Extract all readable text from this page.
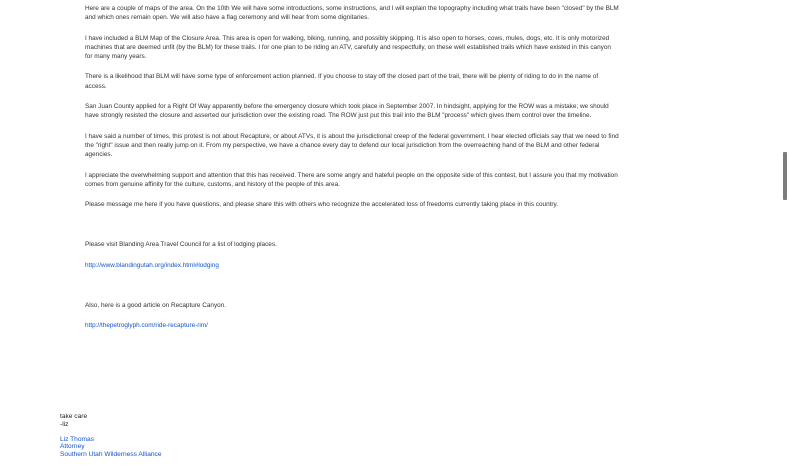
Here are a couple of maps of the area. On the 10th We will have some introductions, some instructions, and I will explain the topography including what trails have been "closed" by the BLM and which ones remain open. We will also have a flag ceremony and will hear from some dignitaries.

I have included a BLM Map of the Closure Area. This area is open for walking, biking, running, and possibly skipping. It is also open to horses, cows, mules, dogs, etc. It is only motorized machines that are deemed unfit (by the BLM) for these trails. I for one plan to be riding an ATV, carefully and respectfully, on these well established trails which have existed in this canyon for many many years.

There is a likelihood that BLM will have some type of enforcement action planned. If you choose to stay off the closed part of the trail, there will be plenty of riding to do in the name of access.

San Juan County applied for a Right Of Way apparently before the emergency closure which took place in September 2007. In hindsight, applying for the ROW was a mistake; we should have strongly resisted the closure and asserted our jurisdiction over the existing road. The ROW just put this trail into the BLM "process" which gives them control over the timeline.

I have said a number of times, this protest is not about Recapture, or about ATVs, it is about the jurisdictional creep of the federal government. I hear elected officials say that we need to find the "right" issue and then really jump on it. From my perspective, we have a chance every day to defend our local jurisdiction from the overreaching hand of the BLM and other federal agencies.

I appreciate the overwhelming support and attention that this has received. There are some angry and hateful people on the opposite side of this contest, but I assure you that my motivation comes from genuine affinity for the culture, customs, and history of the people of this area.

Please message me here if you have questions, and please share this with others who recognize the accelerated loss of freedoms currently taking place in this country.

Please visit Blanding Area Travel Council for a list of lodging places.

http://www.blandingutah.org/index.html#lodging

Also, here is a good article on Recapture Canyon.

http://thepetroglyph.com/ride-recapture-rim/

take care
-liz
Liz Thomas
Attorney
Southern Utah Wilderness Alliance
